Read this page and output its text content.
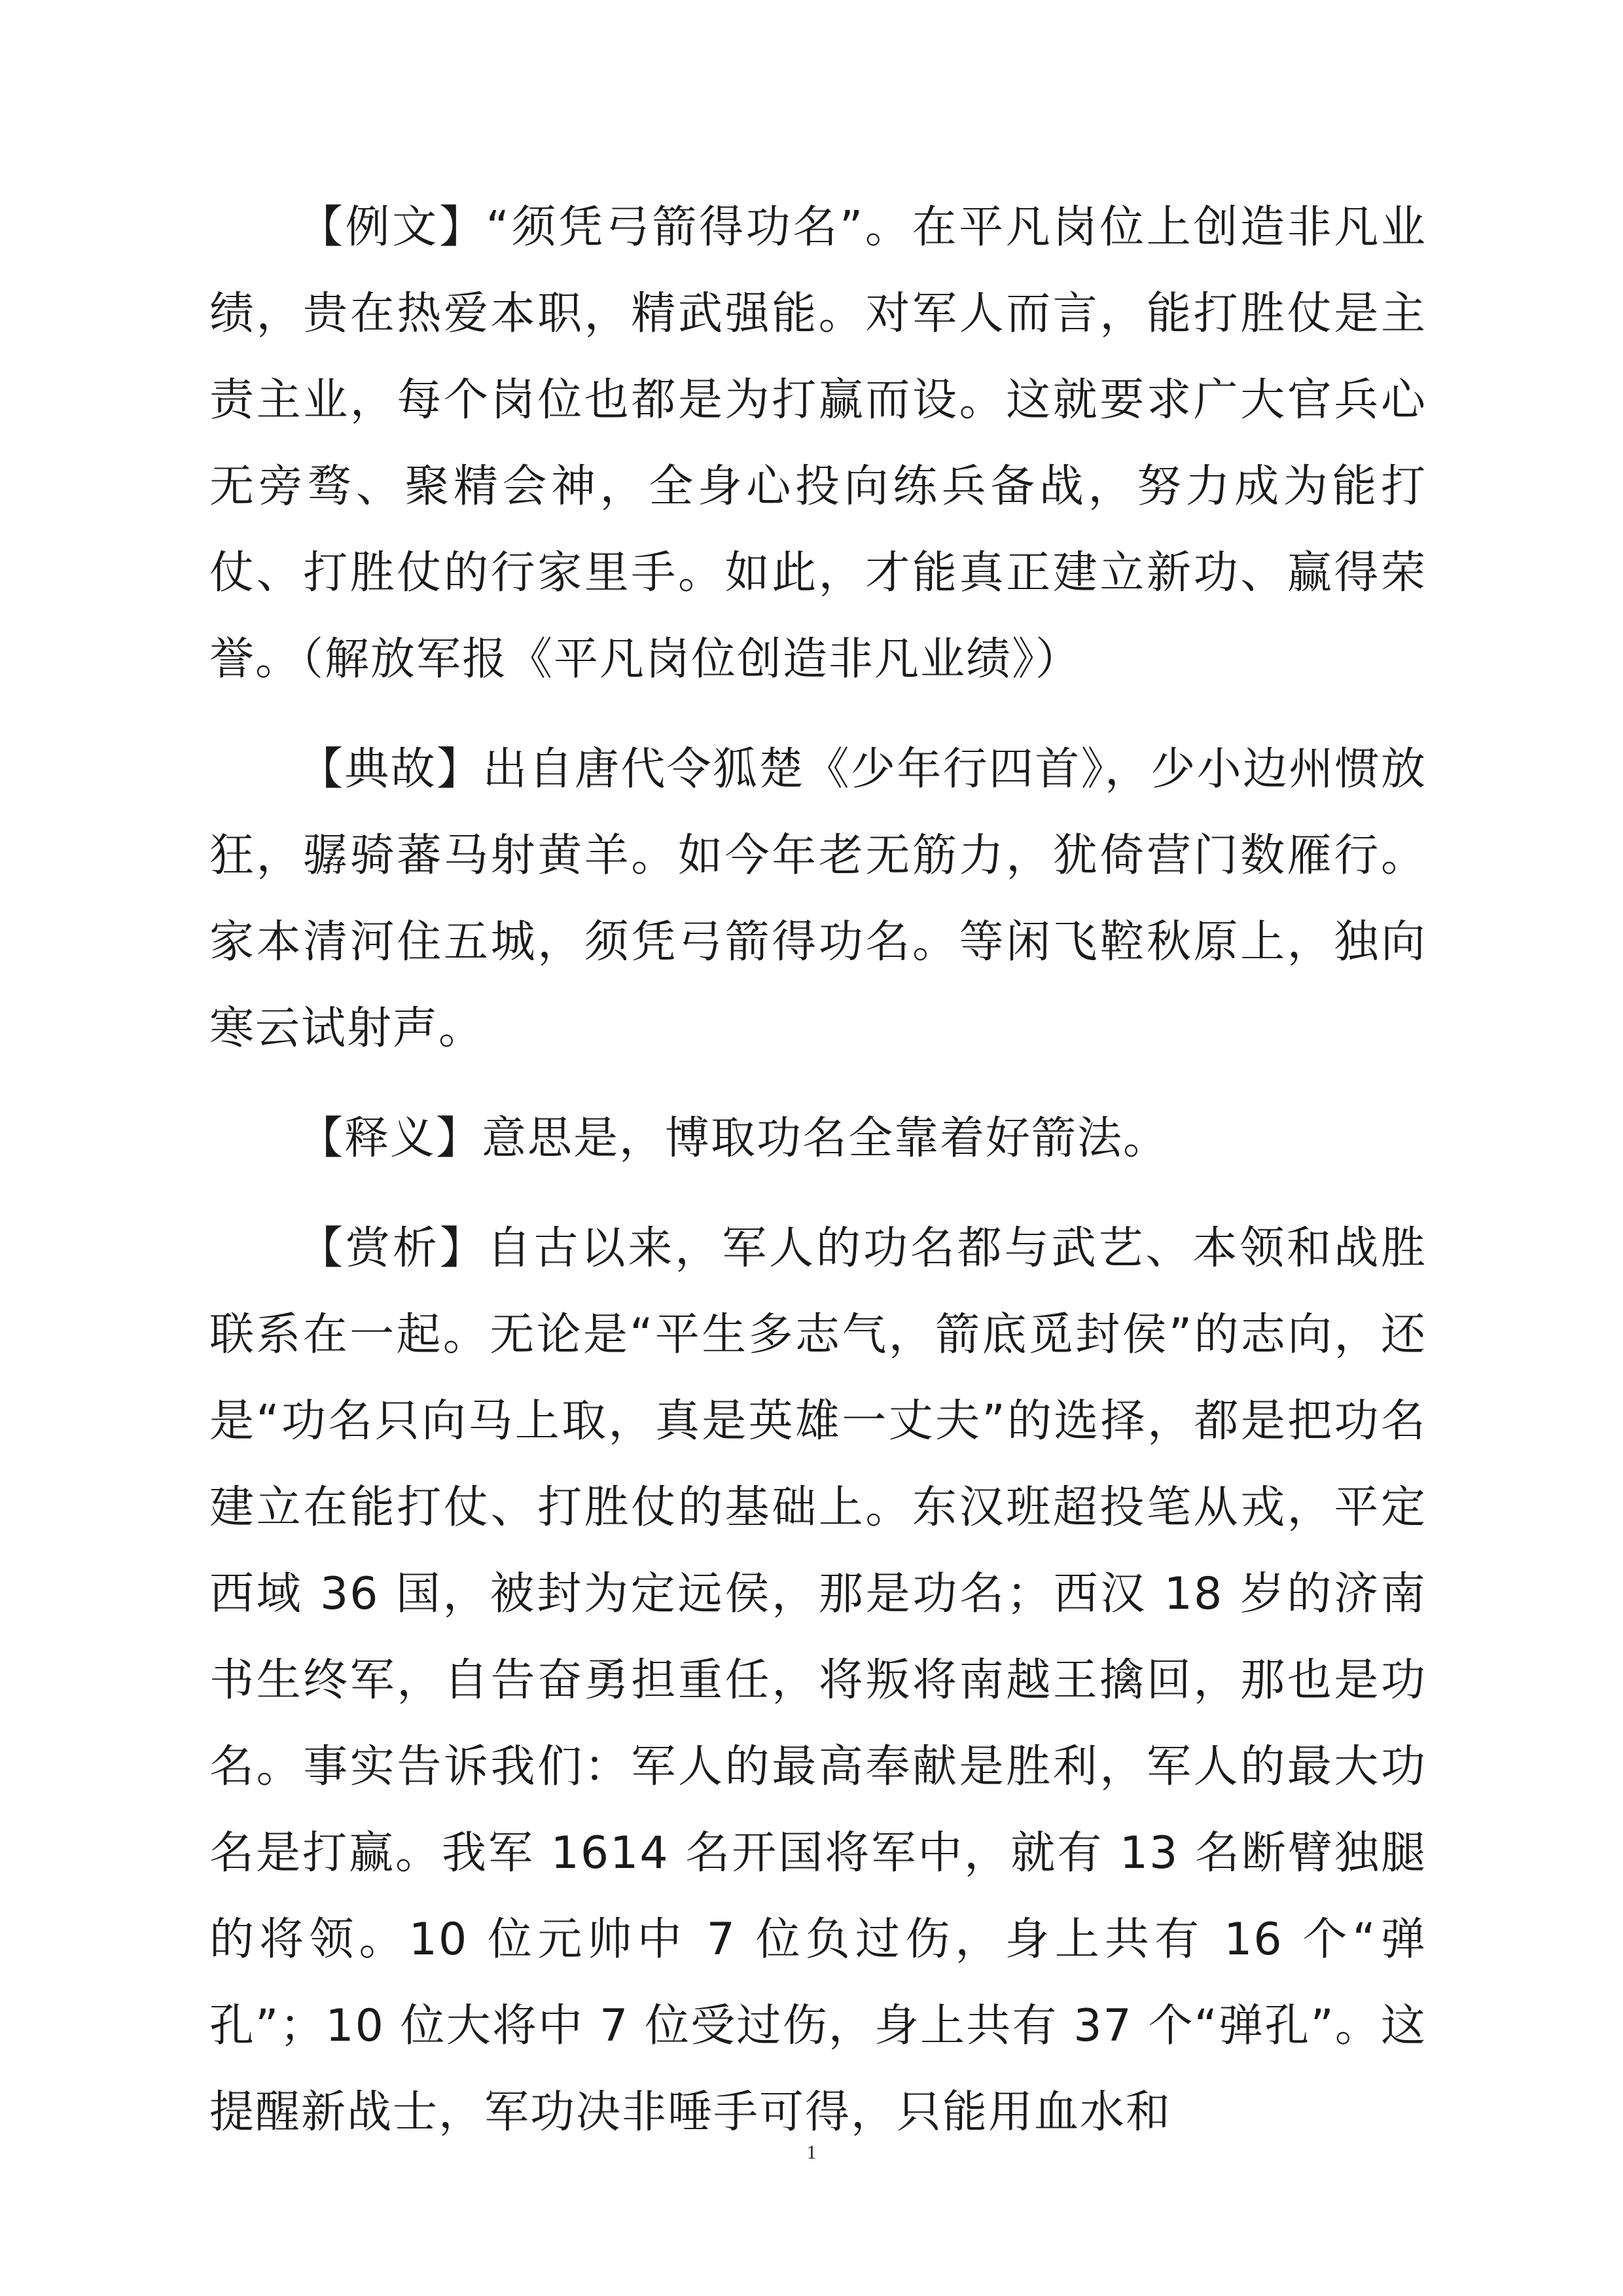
【例文】“须凭弓箭得功名”。在平凡岗位上创造非凡业绩，贵在热爱本职，精武强能。对军人而言，能打胜仗是主责主业，每个岗位也都是为打赢而设。这就要求广大官兵心无旁骛、聚精会神，全身心投向练兵备战，努力成为能打仗、打胜仗的行家里手。如此，才能真正建立新功、赢得荣誉。（解放军报《平凡岗位创造非凡业绩》）

【典故】出自唐代令狐楚《少年行四首》，少小边州惯放狂，骣骑蕃马射黄羊。如今年老无筋力，犹倚营门数雁行。家本清河住五城，须凭弓箭得功名。等闲飞鞚秋原上，独向寒云试射声。

【释义】意思是，博取功名全靠着好箭法。

【赏析】自古以来，军人的功名都与武艺、本领和战胜联系在一起。无论是“平生多志气，箭底觅封侯”的志向，还是“功名只向马上取，真是英雄一丈夫”的选择，都是把功名建立在能打仗、打胜仗的基础上。东汉班超投笔从戎，平定西域 36 国，被封为定远侯，那是功名；西汉 18 岁的济南书生终军，自告奋勇担重任，将叛将南越王擒回，那也是功名。事实告诉我们：军人的最高奉献是胜利，军人的最大功名是打赢。我军 1614 名开国将军中，就有 13 名断臂独腿的将领。10 位元帅中 7 位负过伤，身上共有 16 个“弹孔”；10 位大将中 7 位受过伤，身上共有 37 个“弹孔”。这提醒新战士，军功决非唾手可得，只能用血水和

1
